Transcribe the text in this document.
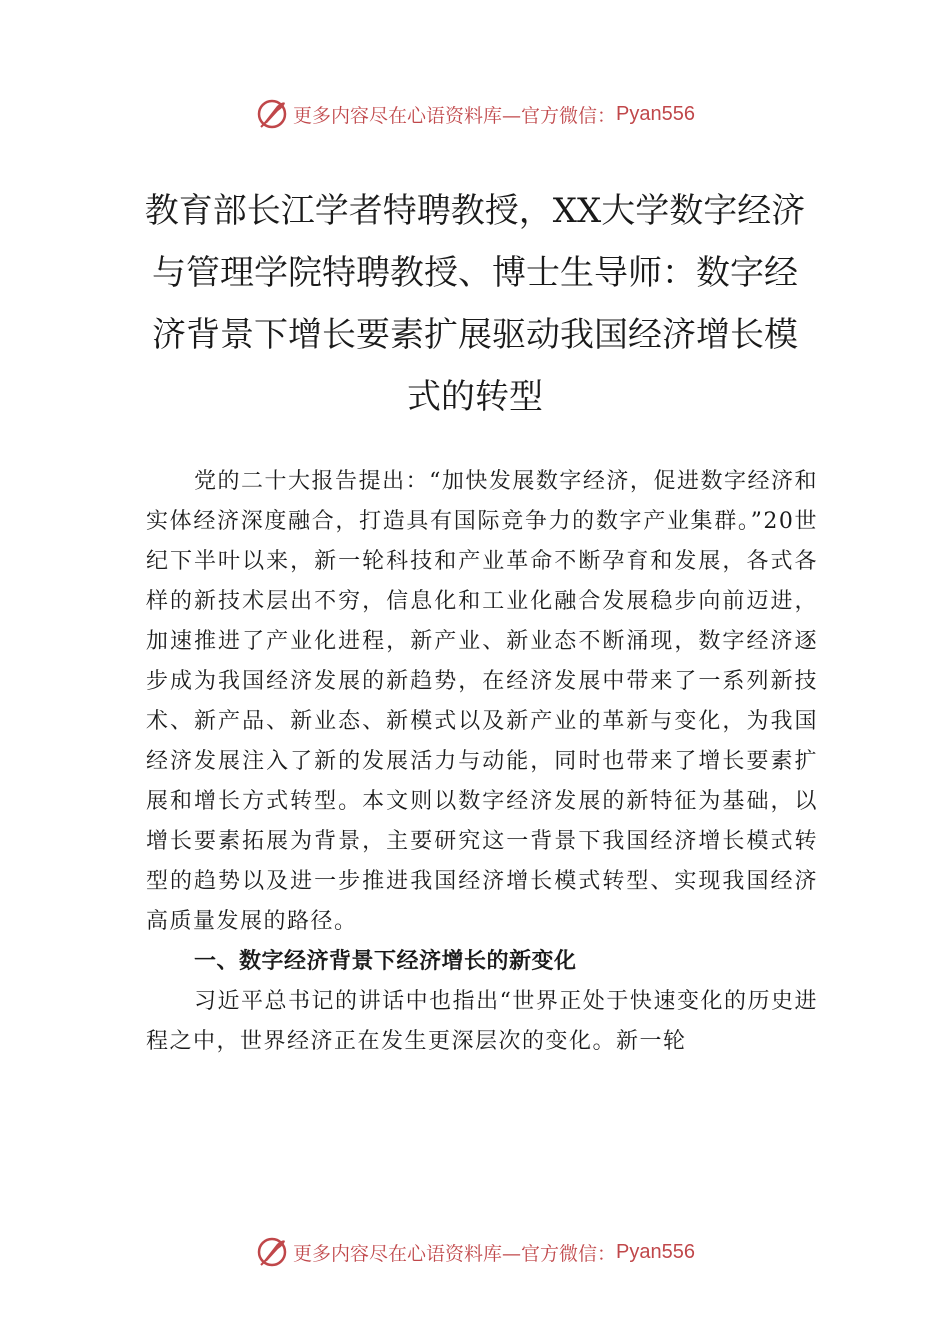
更多内容尽在心语资料库—官方微信： Pyan556
教育部长江学者特聘教授，XX大学数字经济与管理学院特聘教授、博士生导师：数字经济背景下增长要素扩展驱动我国经济增长模式的转型

党的二十大报告提出：“加快发展数字经济，促进数字经济和实体经济深度融合，打造具有国际竞争力的数字产业集群。”20世纪下半叶以来，新一轮科技和产业革命不断孕育和发展，各式各样的新技术层出不穷，信息化和工业化融合发展稳步向前迈进，加速推进了产业化进程，新产业、新业态不断涌现，数字经济逐步成为我国经济发展的新趋势，在经济发展中带来了一系列新技术、新产品、新业态、新模式以及新产业的革新与变化，为我国经济发展注入了新的发展活力与动能，同时也带来了增长要素扩展和增长方式转型。本文则以数字经济发展的新特征为基础，以增长要素拓展为背景，主要研究这一背景下我国经济增长模式转型的趋势以及进一步推进我国经济增长模式转型、实现我国经济高质量发展的路径。

一、数字经济背景下经济增长的新变化

习近平总书记的讲话中也指出“世界正处于快速变化的历史进程之中，世界经济正在发生更深层次的变化。新一轮

更多内容尽在心语资料库—官方微信： Pyan556
